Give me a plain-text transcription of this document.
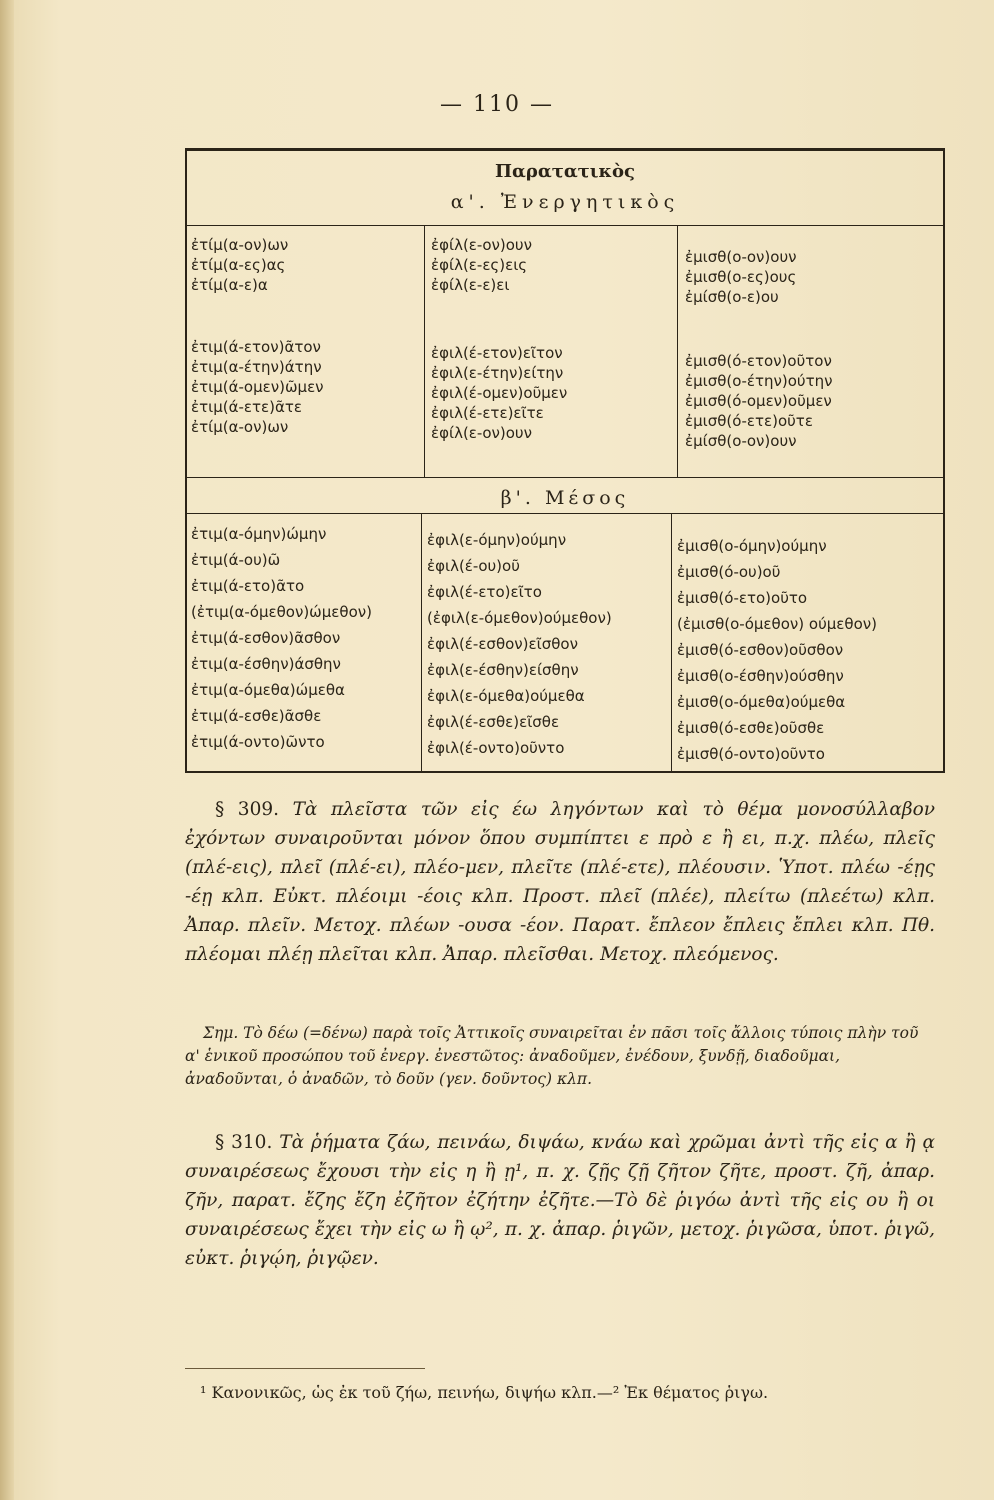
— 110 —
Παρατατικὸς
α'. Ἐνεργητικὸς
β'. Μέσος
ἐτίμ(α-ον)ων
ἐτίμ(α-ες)ας
ἐτίμ(α-ε)α
ἐφίλ(ε-ον)ουν
ἐφίλ(ε-ες)εις
ἐφίλ(ε-ε)ει
ἐμισθ(ο-ον)ουν
ἐμισθ(ο-ες)ους
ἐμίσθ(ο-ε)ου
ἐτιμ(ά-ετον)ᾶτον
ἐτιμ(α-έτην)άτην
ἐτιμ(ά-ομεν)ῶμεν
ἐτιμ(ά-ετε)ᾶτε
ἐτίμ(α-ον)ων
ἐφιλ(έ-ετον)εῖτον
ἐφιλ(ε-έτην)είτην
ἐφιλ(έ-ομεν)οῦμεν
ἐφιλ(έ-ετε)εῖτε
ἐφίλ(ε-ον)ουν
ἐμισθ(ό-ετον)οῦτον
ἐμισθ(ο-έτην)ούτην
ἐμισθ(ό-ομεν)οῦμεν
ἐμισθ(ό-ετε)οῦτε
ἐμίσθ(ο-ον)ουν
ἐτιμ(α-όμην)ώμην
ἐτιμ(ά-ου)ῶ
ἐτιμ(ά-ετο)ᾶτο
(ἐτιμ(α-όμεθον)ώμεθον)
ἐτιμ(ά-εσθον)ᾶσθον
ἐτιμ(α-έσθην)άσθην
ἐτιμ(α-όμεθα)ώμεθα
ἐτιμ(ά-εσθε)ᾶσθε
ἐτιμ(ά-οντο)ῶντο
ἐφιλ(ε-όμην)ούμην
ἐφιλ(έ-ου)οῦ
ἐφιλ(έ-ετο)εῖτο
(ἐφιλ(ε-όμεθον)ούμεθον)
ἐφιλ(έ-εσθον)εῖσθον
ἐφιλ(ε-έσθην)είσθην
ἐφιλ(ε-όμεθα)ούμεθα
ἐφιλ(έ-εσθε)εῖσθε
ἐφιλ(έ-οντο)οῦντο
ἐμισθ(ο-όμην)ούμην
ἐμισθ(ό-ου)οῦ
ἐμισθ(ό-ετο)οῦτο
(ἐμισθ(ο-όμεθον) ούμεθον)
ἐμισθ(ό-εσθον)οῦσθον
ἐμισθ(ο-έσθην)ούσθην
ἐμισθ(ο-όμεθα)ούμεθα
ἐμισθ(ό-εσθε)οῦσθε
ἐμισθ(ό-οντο)οῦντο
§ 309. Τὰ πλεῖστα τῶν εἰς έω ληγόντων καὶ τὸ θέμα μονοσύλλαβον ἐχόντων συναιροῦνται μόνον ὅπου συμπίπτει ε πρὸ ε ἢ ει, π.χ. πλέω, πλεῖς (πλέ-εις), πλεῖ (πλέ-ει), πλέο-μεν, πλεῖτε (πλέ-ετε), πλέουσιν. Ὑποτ. πλέω -έῃς -έῃ κλπ. Εὐκτ. πλέοιμι -έοις κλπ. Προστ. πλεῖ (πλέε), πλείτω (πλεέτω) κλπ. Ἀπαρ. πλεῖν. Μετοχ. πλέων -ουσα -έον. Παρατ. ἔπλεον ἔπλεις ἔπλει κλπ. Πθ. πλέομαι πλέῃ πλεῖται κλπ. Ἀπαρ. πλεῖσθαι. Μετοχ. πλεόμενος.
Σημ. Τὸ δέω (=δένω) παρὰ τοῖς Ἀττικοῖς συναιρεῖται ἐν πᾶσι τοῖς ἄλλοις τύποις πλὴν τοῦ α' ἑνικοῦ προσώπου τοῦ ἐνεργ. ἐνεστῶτος: ἀναδοῦμεν, ἐνέδουν, ξυνδῇ, διαδοῦμαι, ἀναδοῦνται, ὁ ἀναδῶν, τὸ δοῦν (γεν. δοῦντος) κλπ.
§ 310. Τὰ ῥήματα ζάω, πεινάω, διψάω, κνάω καὶ χρῶμαι ἀντὶ τῆς εἰς α ἢ ᾳ συναιρέσεως ἔχουσι τὴν εἰς η ἢ ῃ¹, π. χ. ζῇς ζῇ ζῆτον ζῆτε, προστ. ζῆ, ἀπαρ. ζῆν, παρατ. ἔζης ἔζη ἐζῆτον ἐζήτην ἐζῆτε.—Τὸ δὲ ῥιγόω ἀντὶ τῆς εἰς ου ἢ οι συναιρέσεως ἔχει τὴν εἰς ω ἢ ῳ², π. χ. ἀπαρ. ῥιγῶν, μετοχ. ῥιγῶσα, ὑποτ. ῥιγῶ, εὐκτ. ῥιγῴη, ῥιγῷεν.
¹ Κανονικῶς, ὡς ἐκ τοῦ ζήω, πεινήω, διψήω κλπ.—² Ἐκ θέματος ῥιγω.
